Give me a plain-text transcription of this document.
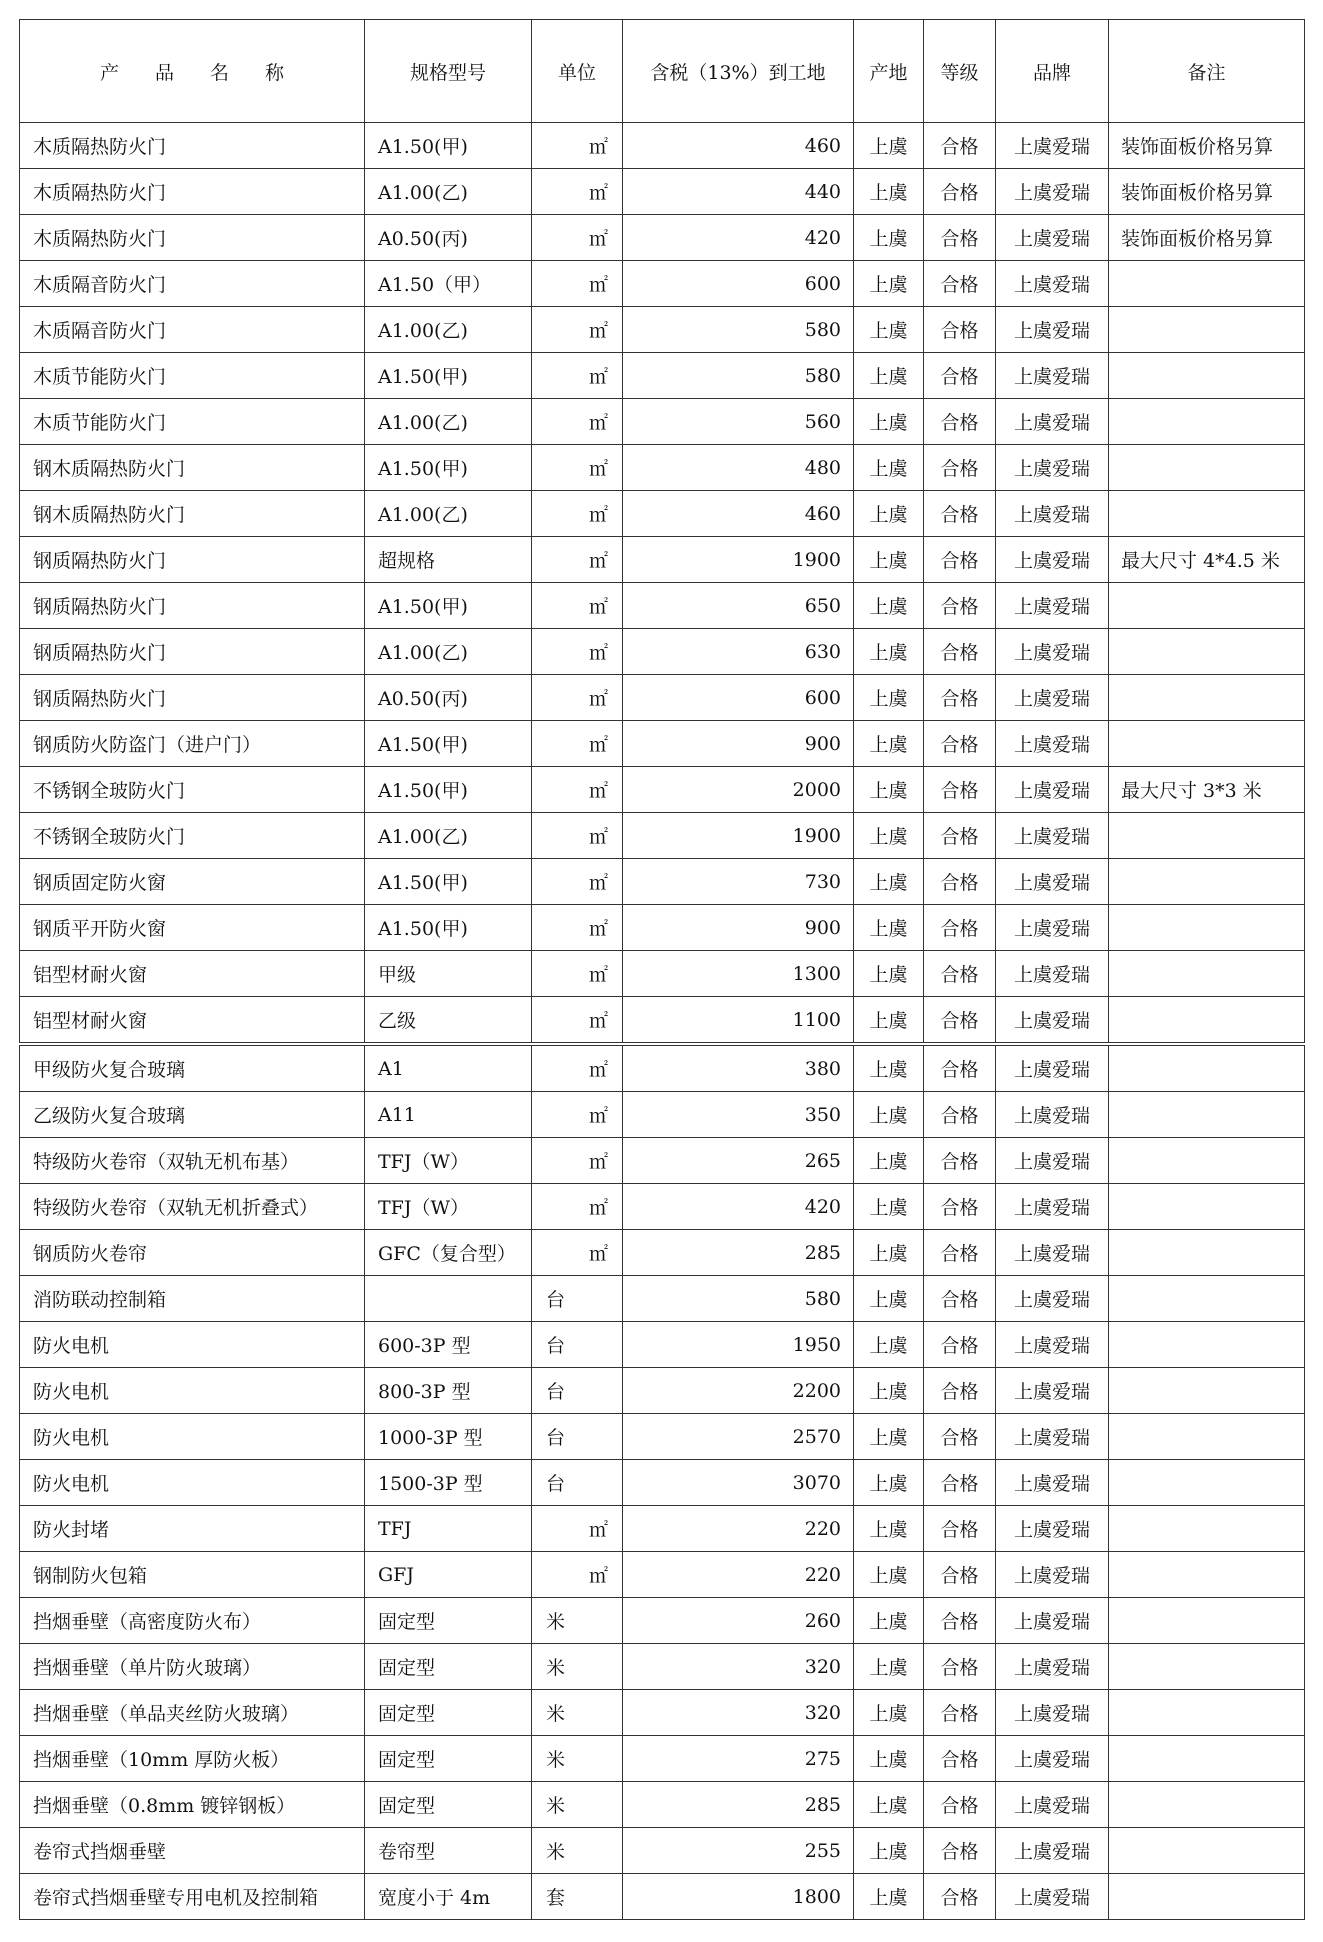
产品名称	规格型号	单位	含税（13%）到工地	产地	等级	品牌	备注
木质隔热防火门	A1.50(甲)	㎡	460	上虞	合格	上虞爱瑞	装饰面板价格另算
木质隔热防火门	A1.00(乙)	㎡	440	上虞	合格	上虞爱瑞	装饰面板价格另算
木质隔热防火门	A0.50(丙)	㎡	420	上虞	合格	上虞爱瑞	装饰面板价格另算
木质隔音防火门	A1.50（甲）	㎡	600	上虞	合格	上虞爱瑞	
木质隔音防火门	A1.00(乙)	㎡	580	上虞	合格	上虞爱瑞	
木质节能防火门	A1.50(甲)	㎡	580	上虞	合格	上虞爱瑞	
木质节能防火门	A1.00(乙)	㎡	560	上虞	合格	上虞爱瑞	
钢木质隔热防火门	A1.50(甲)	㎡	480	上虞	合格	上虞爱瑞	
钢木质隔热防火门	A1.00(乙)	㎡	460	上虞	合格	上虞爱瑞	
钢质隔热防火门	超规格	㎡	1900	上虞	合格	上虞爱瑞	最大尺寸 4*4.5 米
钢质隔热防火门	A1.50(甲)	㎡	650	上虞	合格	上虞爱瑞	
钢质隔热防火门	A1.00(乙)	㎡	630	上虞	合格	上虞爱瑞	
钢质隔热防火门	A0.50(丙)	㎡	600	上虞	合格	上虞爱瑞	
钢质防火防盗门（进户门）	A1.50(甲)	㎡	900	上虞	合格	上虞爱瑞	
不锈钢全玻防火门	A1.50(甲)	㎡	2000	上虞	合格	上虞爱瑞	最大尺寸 3*3 米
不锈钢全玻防火门	A1.00(乙)	㎡	1900	上虞	合格	上虞爱瑞	
钢质固定防火窗	A1.50(甲)	㎡	730	上虞	合格	上虞爱瑞	
钢质平开防火窗	A1.50(甲)	㎡	900	上虞	合格	上虞爱瑞	
铝型材耐火窗	甲级	㎡	1300	上虞	合格	上虞爱瑞	
铝型材耐火窗	乙级	㎡	1100	上虞	合格	上虞爱瑞	
甲级防火复合玻璃	A1	㎡	380	上虞	合格	上虞爱瑞	
乙级防火复合玻璃	A11	㎡	350	上虞	合格	上虞爱瑞	
特级防火卷帘（双轨无机布基）	TFJ（W）	㎡	265	上虞	合格	上虞爱瑞	
特级防火卷帘（双轨无机折叠式）	TFJ（W）	㎡	420	上虞	合格	上虞爱瑞	
钢质防火卷帘	GFC（复合型）	㎡	285	上虞	合格	上虞爱瑞	
消防联动控制箱		台	580	上虞	合格	上虞爱瑞	
防火电机	600-3P 型	台	1950	上虞	合格	上虞爱瑞	
防火电机	800-3P 型	台	2200	上虞	合格	上虞爱瑞	
防火电机	1000-3P 型	台	2570	上虞	合格	上虞爱瑞	
防火电机	1500-3P 型	台	3070	上虞	合格	上虞爱瑞	
防火封堵	TFJ	㎡	220	上虞	合格	上虞爱瑞	
钢制防火包箱	GFJ	㎡	220	上虞	合格	上虞爱瑞	
挡烟垂壁（高密度防火布）	固定型	米	260	上虞	合格	上虞爱瑞	
挡烟垂壁（单片防火玻璃）	固定型	米	320	上虞	合格	上虞爱瑞	
挡烟垂壁（单品夹丝防火玻璃）	固定型	米	320	上虞	合格	上虞爱瑞	
挡烟垂壁（10mm 厚防火板）	固定型	米	275	上虞	合格	上虞爱瑞	
挡烟垂壁（0.8mm 镀锌钢板）	固定型	米	285	上虞	合格	上虞爱瑞	
卷帘式挡烟垂壁	卷帘型	米	255	上虞	合格	上虞爱瑞	
卷帘式挡烟垂壁专用电机及控制箱	宽度小于 4m	套	1800	上虞	合格	上虞爱瑞	
